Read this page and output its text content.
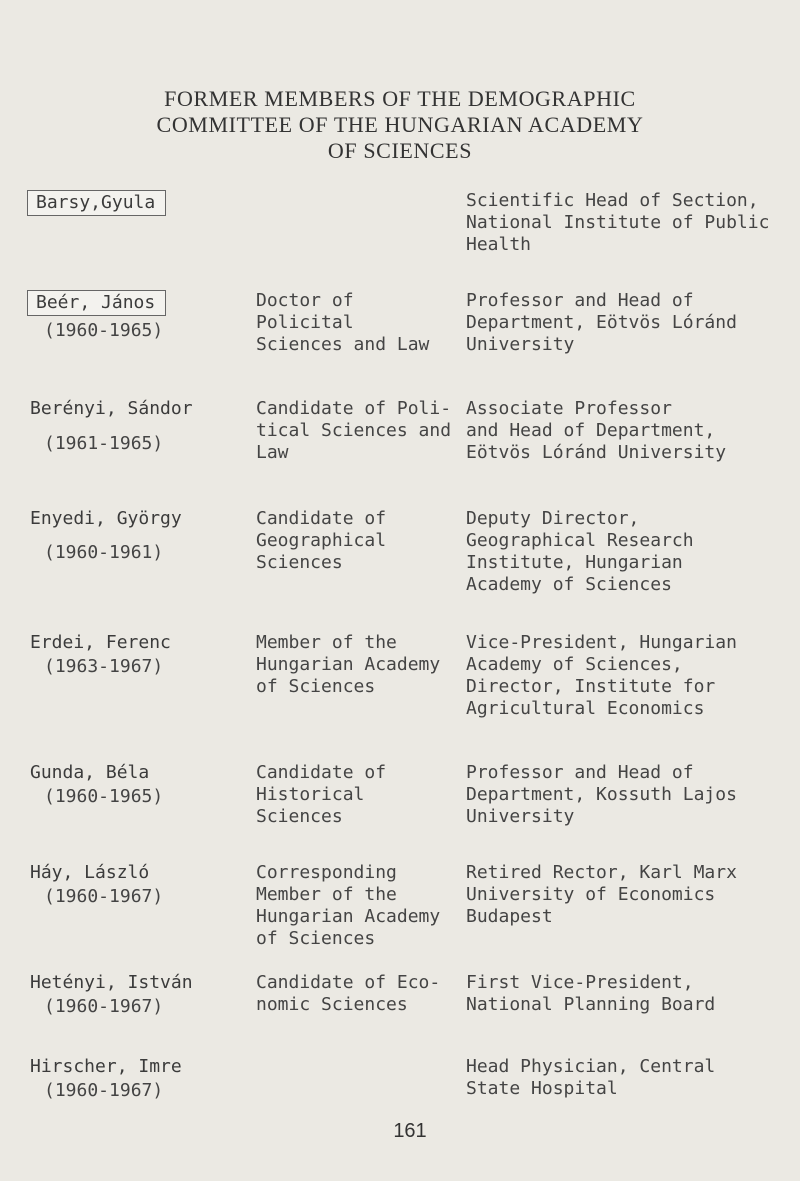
FORMER MEMBERS OF THE DEMOGRAPHIC
COMMITTEE OF THE HUNGARIAN ACADEMY
OF SCIENCES
Barsy,Gyula	Scientific Head of Section,
National Institute of Public
Health
Beér, János
(1960-1965)
Doctor of Policital
Sciences and Law
Professor and Head of
Department, Eötvös Lóránd
University
Berényi, Sándor
(1961-1965)
Candidate of Poli-
tical Sciences and
Law
Associate Professor
and Head of Department,
Eötvös Lóránd University
Enyedi, György
(1960-1961)
Candidate of
Geographical
Sciences
Deputy Director,
Geographical Research
Institute, Hungarian
Academy of Sciences
Erdei, Ferenc
(1963-1967)
Member of the
Hungarian Academy
of Sciences
Vice-President, Hungarian
Academy of Sciences,
Director, Institute for
Agricultural Economics
Gunda, Béla
(1960-1965)
Candidate of
Historical Sciences
Professor and Head of
Department, Kossuth Lajos
University
Háy, László
(1960-1967)
Corresponding
Member of the
Hungarian Academy
of Sciences
Retired Rector, Karl Marx
University of Economics
Budapest
Hetényi, István
(1960-1967)
Candidate of Eco-
nomic Sciences
First Vice-President,
National Planning Board
Hirscher, Imre
(1960-1967)
Head Physician, Central
State Hospital
161
